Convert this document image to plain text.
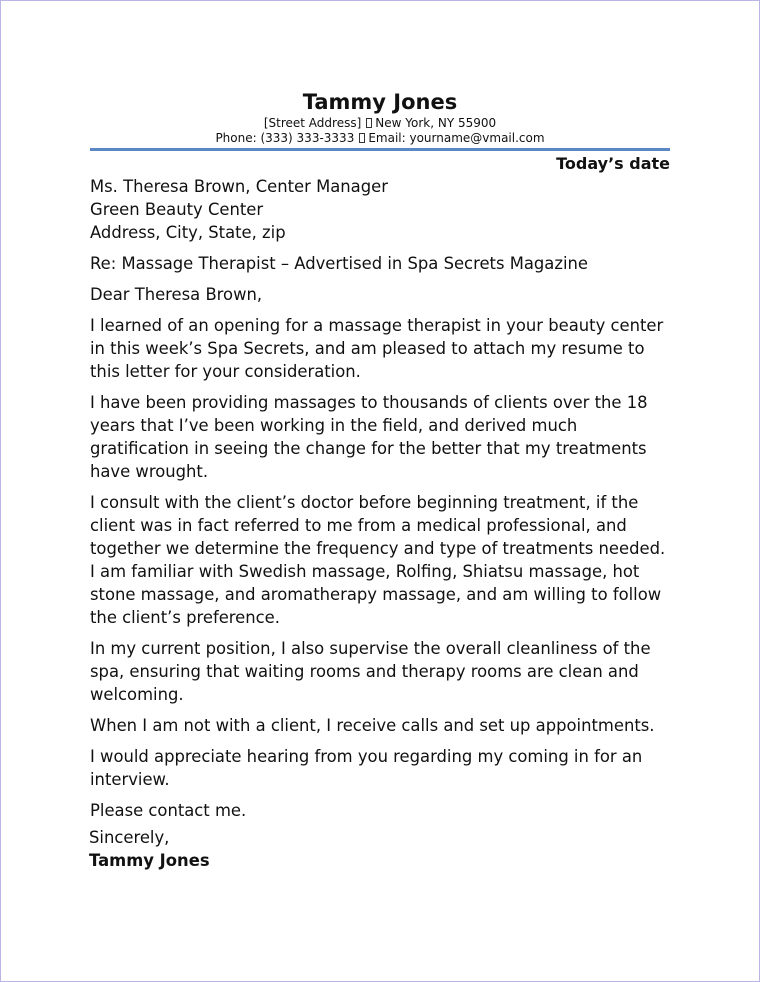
Tammy Jones

[Street Address] New York, NY 55900

Phone: (333) 333-3333 Email: yourname@vmail.com

Today’s date

Ms. Theresa Brown, Center Manager
Green Beauty Center
Address, City, State, zip

Re: Massage Therapist – Advertised in Spa Secrets Magazine

Dear Theresa Brown,

I learned of an opening for a massage therapist in your beauty center in this week’s Spa Secrets, and am pleased to attach my resume to this letter for your consideration.

I have been providing massages to thousands of clients over the 18 years that I’ve been working in the field, and derived much gratification in seeing the change for the better that my treatments have wrought.

I consult with the client’s doctor before beginning treatment, if the client was in fact referred to me from a medical professional, and together we determine the frequency and type of treatments needed. I am familiar with Swedish massage, Rolfing, Shiatsu massage, hot stone massage, and aromatherapy massage, and am willing to follow the client’s preference.

In my current position, I also supervise the overall cleanliness of the spa, ensuring that waiting rooms and therapy rooms are clean and welcoming.

When I am not with a client, I receive calls and set up appointments.

I would appreciate hearing from you regarding my coming in for an interview.

Please contact me.

Sincerely,
Tammy Jones
